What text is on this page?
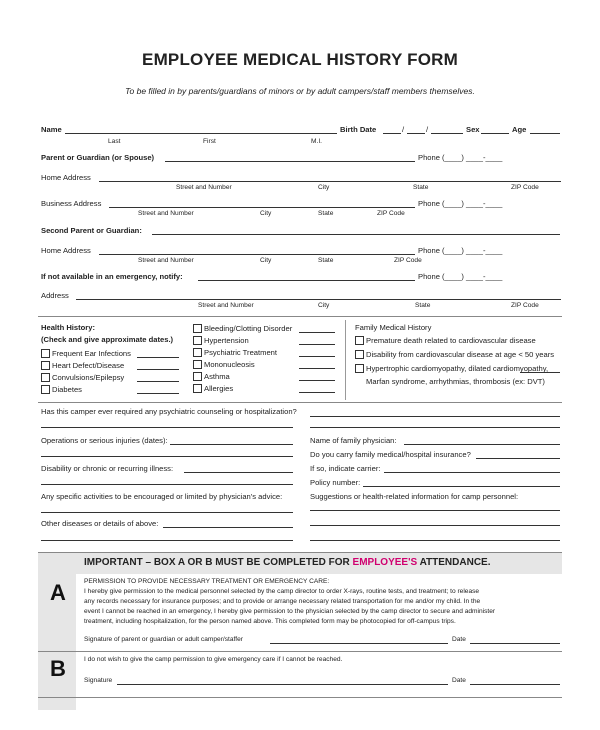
EMPLOYEE MEDICAL HISTORY FORM
To be filled in by parents/guardians of minors or by adult campers/staff members themselves.
Name	Birth Date	/	/	Sex	Age
Last	First	M.I.
Parent or Guardian (or Spouse)	Phone (____) ____-____
Home Address
Street and Number	City	State	ZIP Code
Business Address	Phone (____) ____-____
Street and Number	City	State	ZIP Code
Second Parent or Guardian:
Home Address	Phone (____) ____-____
Street and Number	City	State	ZIP Code
If not available in an emergency, notify:	Phone (____) ____-____
Address
Street and Number	City	State	ZIP Code
Health History:
(Check and give approximate dates.)
Frequent Ear Infections
Heart Defect/Disease
Convulsions/Epilepsy
Diabetes
Bleeding/Clotting Disorder
Hypertension
Psychiatric Treatment
Mononucleosis
Asthma
Allergies
Family Medical History
Premature death related to cardiovascular disease
Disability from cardiovascular disease at age < 50 years
Hypertrophic cardiomyopathy, dilated cardiomyopathy,
Marfan syndrome, arrhythmias, thrombosis (ex: DVT)
Has this camper ever required any psychiatric counseling or hospitalization?
Operations or serious injuries (dates):	Name of family physician:
Do you carry family medical/hospital insurance?
Disability or chronic or recurring illness:	If so, indicate carrier:
Policy number:
Any specific activities to be encouraged or limited by physician's advice:	Suggestions or health-related information for camp personnel:
Other diseases or details of above:
IMPORTANT – BOX A OR B MUST BE COMPLETED FOR EMPLOYEE'S ATTENDANCE.
A	PERMISSION TO PROVIDE NECESSARY TREATMENT OR EMERGENCY CARE:
I hereby give permission to the medical personnel selected by the camp director to order X-rays, routine tests, and treatment; to release
any records necessary for insurance purposes; and to provide or arrange necessary related transportation for me and/or my child. In the
event I cannot be reached in an emergency, I hereby give permission to the physician selected by the camp director to secure and administer
treatment, including hospitalization, for the person named above. This completed form may be photocopied for off-campus trips.
Signature of parent or guardian or adult camper/staffer	Date
B	I do not wish to give the camp permission to give emergency care if I cannot be reached.
Signature	Date
